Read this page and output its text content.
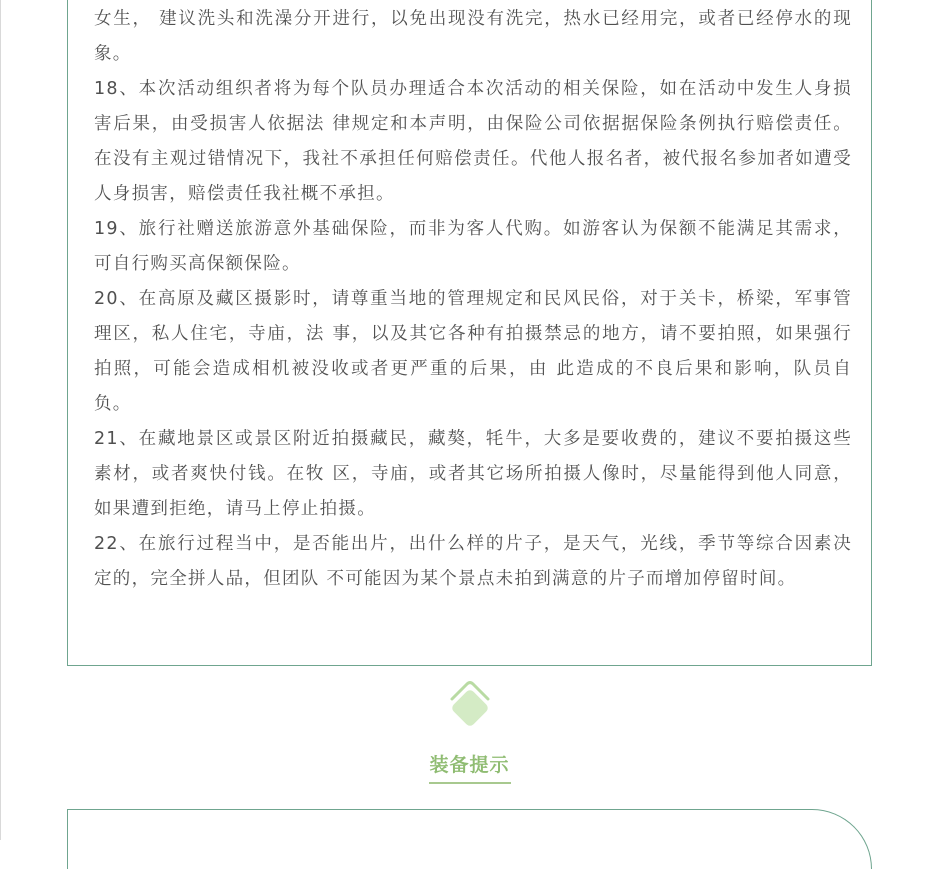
女生， 建议洗头和洗澡分开进行，以免出现没有洗完，热水已经用完，或者已经停水的现象。
18、本次活动组织者将为每个队员办理适合本次活动的相关保险，如在活动中发生人身损害后果，由受损害人依据法 律规定和本声明，由保险公司依据据保险条例执行赔偿责任。在没有主观过错情况下，我社不承担任何赔偿责任。代他人报名者，被代报名参加者如遭受人身损害，赔偿责任我社概不承担。
19、旅行社赠送旅游意外基础保险，而非为客人代购。如游客认为保额不能满足其需求，可自行购买高保额保险。
20、在高原及藏区摄影时，请尊重当地的管理规定和民风民俗，对于关卡，桥梁，军事管理区，私人住宅，寺庙，法 事，以及其它各种有拍摄禁忌的地方，请不要拍照，如果强行拍照，可能会造成相机被没收或者更严重的后果，由 此造成的不良后果和影响，队员自负。
21、在藏地景区或景区附近拍摄藏民，藏獒，牦牛，大多是要收费的，建议不要拍摄这些素材，或者爽快付钱。在牧 区，寺庙，或者其它场所拍摄人像时，尽量能得到他人同意，如果遭到拒绝，请马上停止拍摄。
22、在旅行过程当中，是否能出片，出什么样的片子，是天气，光线，季节等综合因素决定的，完全拼人品，但团队 不可能因为某个景点未拍到满意的片子而增加停留时间。
装备提示
